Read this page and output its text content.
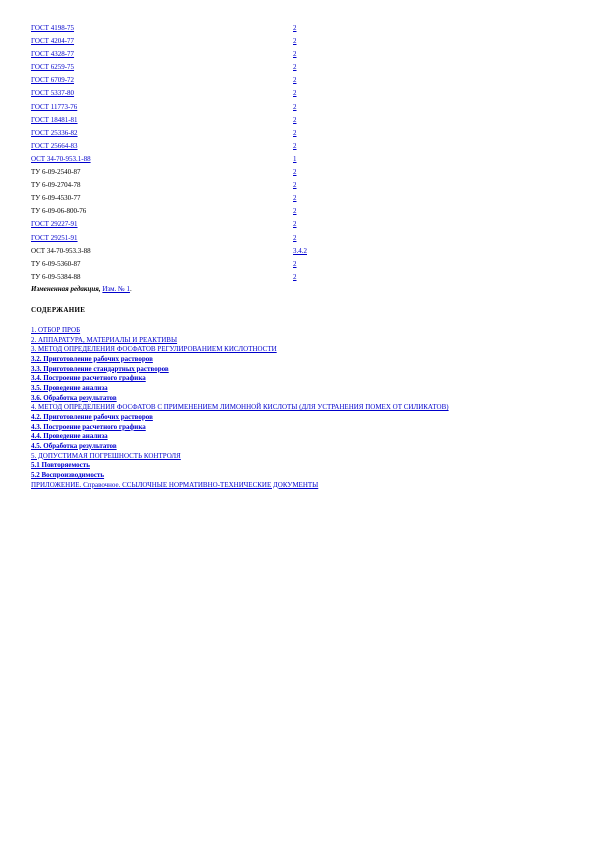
ГОСТ 4198-75	2
ГОСТ 4204-77	2
ГОСТ 4328-77	2
ГОСТ 6259-75	2
ГОСТ 6709-72	2
ГОСТ 5337-80	2
ГОСТ 11773-76	2
ГОСТ 18481-81	2
ГОСТ 25336-82	2
ГОСТ 25664-83	2
ОСТ 34-70-953.1-88	1
ТУ 6-09-2540-87	2
ТУ 6-09-2704-78	2
ТУ 6-09-4530-77	2
ТУ 6-09-06-800-76	2
ГОСТ 29227-91	2
ГОСТ 29251-91	2
ОСТ 34-70-953.3-88	3.4.2
ТУ 6-09-5360-87	2
ТУ 6-09-5384-88	2
Измененная редакция, Изм. № 1.
СОДЕРЖАНИЕ
1. ОТБОР ПРОБ
2. АППАРАТУРА, МАТЕРИАЛЫ И РЕАКТИВЫ
3. МЕТОД ОПРЕДЕЛЕНИЯ ФОСФАТОВ РЕГУЛИРОВАНИЕМ КИСЛОТНОСТИ
3.2. Приготовление рабочих растворов
3.3. Приготовление стандартных растворов
3.4. Построение расчетного графика
3.5. Проведение анализа
3.6. Обработка результатов
4. МЕТОД ОПРЕДЕЛЕНИЯ ФОСФАТОВ С ПРИМЕНЕНИЕМ ЛИМОННОЙ КИСЛОТЫ (ДЛЯ УСТРАНЕНИЯ ПОМЕХ ОТ СИЛИКАТОВ)
4.2. Приготовление рабочих растворов
4.3. Построение расчетного графика
4.4. Проведение анализа
4.5. Обработка результатов
5. ДОПУСТИМАЯ ПОГРЕШНОСТЬ КОНТРОЛЯ
5.1 Повторяемость
5.2 Воспроизводимость
ПРИЛОЖЕНИЕ. Справочное. ССЫЛОЧНЫЕ НОРМАТИВНО-ТЕХНИЧЕСКИЕ ДОКУМЕНТЫ
